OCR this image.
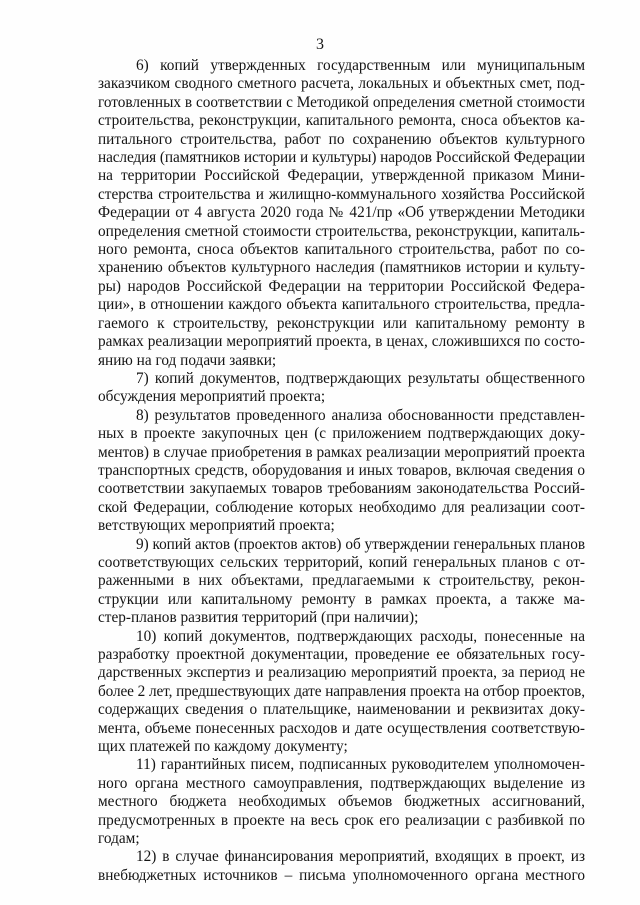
3

6) копий утвержденных государственным или муниципальным
заказчиком сводного сметного расчета, локальных и объектных смет, под-
готовленных в соответствии с Методикой определения сметной стоимости
строительства, реконструкции, капитального ремонта, сноса объектов ка-
питального строительства, работ по сохранению объектов культурного
наследия (памятников истории и культуры) народов Российской Федерации
на территории Российской Федерации, утвержденной приказом Мини-
стерства строительства и жилищно-коммунального хозяйства Российской
Федерации от 4 августа 2020 года № 421/пр «Об утверждении Методики
определения сметной стоимости строительства, реконструкции, капиталь-
ного ремонта, сноса объектов капитального строительства, работ по со-
хранению объектов культурного наследия (памятников истории и культу-
ры) народов Российской Федерации на территории Российской Федера-
ции», в отношении каждого объекта капитального строительства, предла-
гаемого к строительству, реконструкции или капитальному ремонту в
рамках реализации мероприятий проекта, в ценах, сложившихся по состо-
янию на год подачи заявки;

7) копий документов, подтверждающих результаты общественного
обсуждения мероприятий проекта;

8) результатов проведенного анализа обоснованности представлен-
ных в проекте закупочных цен (с приложением подтверждающих доку-
ментов) в случае приобретения в рамках реализации мероприятий проекта
транспортных средств, оборудования и иных товаров, включая сведения о
соответствии закупаемых товаров требованиям законодательства Россий-
ской Федерации, соблюдение которых необходимо для реализации соот-
ветствующих мероприятий проекта;

9) копий актов (проектов актов) об утверждении генеральных планов
соответствующих сельских территорий, копий генеральных планов с от-
раженными в них объектами, предлагаемыми к строительству, рекон-
струкции или капитальному ремонту в рамках проекта, а также ма-
стер-планов развития территорий (при наличии);

10) копий документов, подтверждающих расходы, понесенные на
разработку проектной документации, проведение ее обязательных госу-
дарственных экспертиз и реализацию мероприятий проекта, за период не
более 2 лет, предшествующих дате направления проекта на отбор проектов,
содержащих сведения о плательщике, наименовании и реквизитах доку-
мента, объеме понесенных расходов и дате осуществления соответствую-
щих платежей по каждому документу;

11) гарантийных писем, подписанных руководителем уполномочен-
ного органа местного самоуправления, подтверждающих выделение из
местного бюджета необходимых объемов бюджетных ассигнований,
предусмотренных в проекте на весь срок его реализации с разбивкой по
годам;

12) в случае финансирования мероприятий, входящих в проект, из
внебюджетных источников – письма уполномоченного органа местного
